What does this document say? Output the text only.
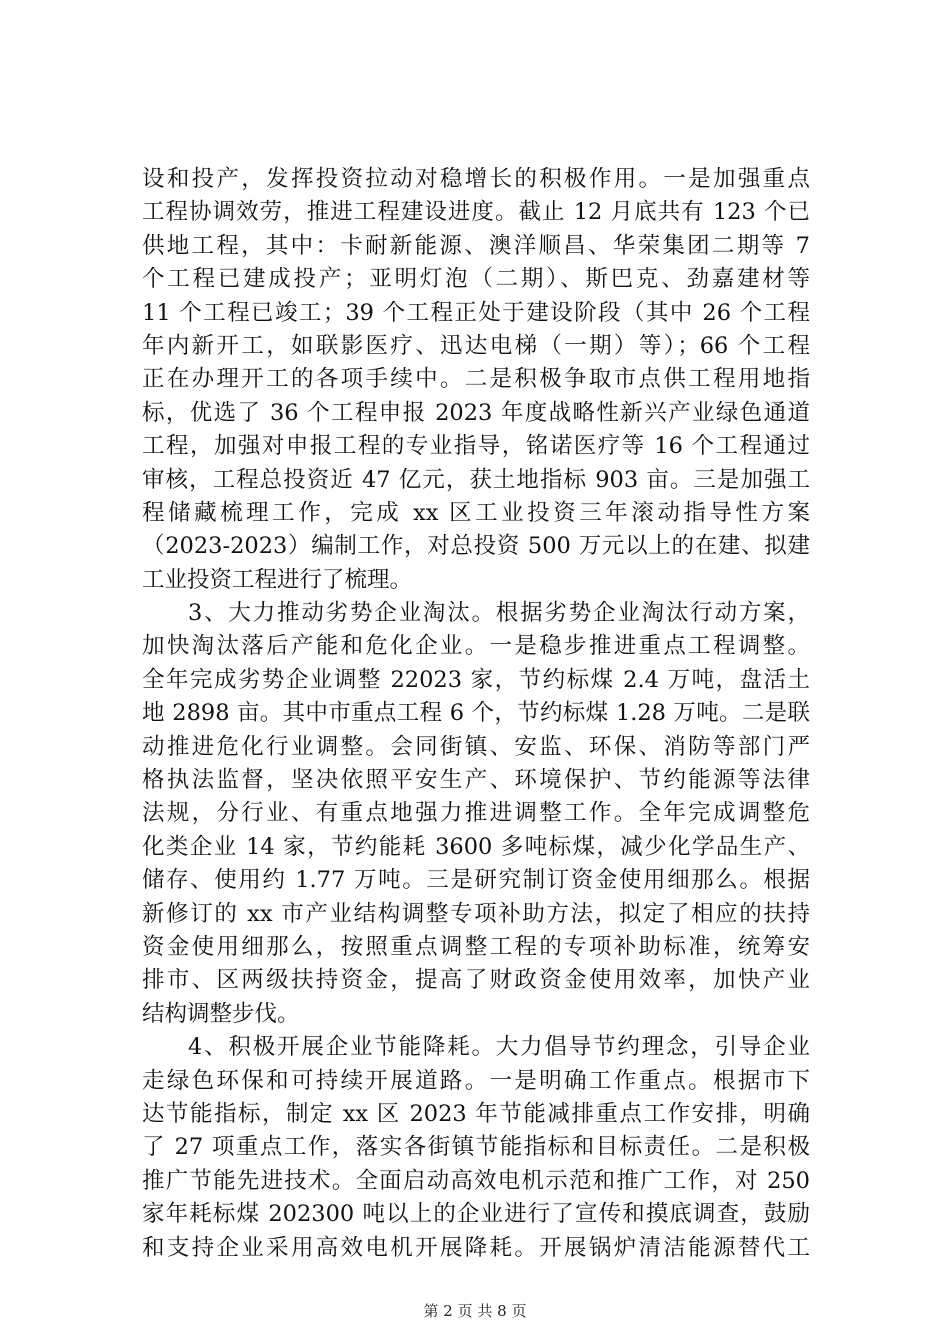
设和投产，发挥投资拉动对稳增长的积极作用。一是加强重点
工程协调效劳，推进工程建设进度。截止 12 月底共有 123 个已
供地工程，其中：卡耐新能源、澳洋顺昌、华荣集团二期等 7
个工程已建成投产；亚明灯泡（二期）、斯巴克、劲嘉建材等
11 个工程已竣工；39 个工程正处于建设阶段（其中 26 个工程
年内新开工，如联影医疗、迅达电梯（一期）等）；66 个工程
正在办理开工的各项手续中。二是积极争取市点供工程用地指
标，优选了 36 个工程申报 2023 年度战略性新兴产业绿色通道
工程，加强对申报工程的专业指导，铭诺医疗等 16 个工程通过
审核，工程总投资近 47 亿元，获土地指标 903 亩。三是加强工
程储藏梳理工作，完成 xx 区工业投资三年滚动指导性方案
（2023-2023）编制工作，对总投资 500 万元以上的在建、拟建
工业投资工程进行了梳理。
3、大力推动劣势企业淘汰。根据劣势企业淘汰行动方案，
加快淘汰落后产能和危化企业。一是稳步推进重点工程调整。
全年完成劣势企业调整 22023 家，节约标煤 2.4 万吨，盘活土
地 2898 亩。其中市重点工程 6 个，节约标煤 1.28 万吨。二是联
动推进危化行业调整。会同街镇、安监、环保、消防等部门严
格执法监督，坚决依照平安生产、环境保护、节约能源等法律
法规，分行业、有重点地强力推进调整工作。全年完成调整危
化类企业 14 家，节约能耗 3600 多吨标煤，减少化学品生产、
储存、使用约 1.77 万吨。三是研究制订资金使用细那么。根据
新修订的 xx 市产业结构调整专项补助方法，拟定了相应的扶持
资金使用细那么，按照重点调整工程的专项补助标准，统筹安
排市、区两级扶持资金，提高了财政资金使用效率，加快产业
结构调整步伐。
4、积极开展企业节能降耗。大力倡导节约理念，引导企业
走绿色环保和可持续开展道路。一是明确工作重点。根据市下
达节能指标，制定 xx 区 2023 年节能减排重点工作安排，明确
了 27 项重点工作，落实各街镇节能指标和目标责任。二是积极
推广节能先进技术。全面启动高效电机示范和推广工作，对 250
家年耗标煤 202300 吨以上的企业进行了宣传和摸底调查，鼓励
和支持企业采用高效电机开展降耗。开展锅炉清洁能源替代工
第 2 页 共 8 页
